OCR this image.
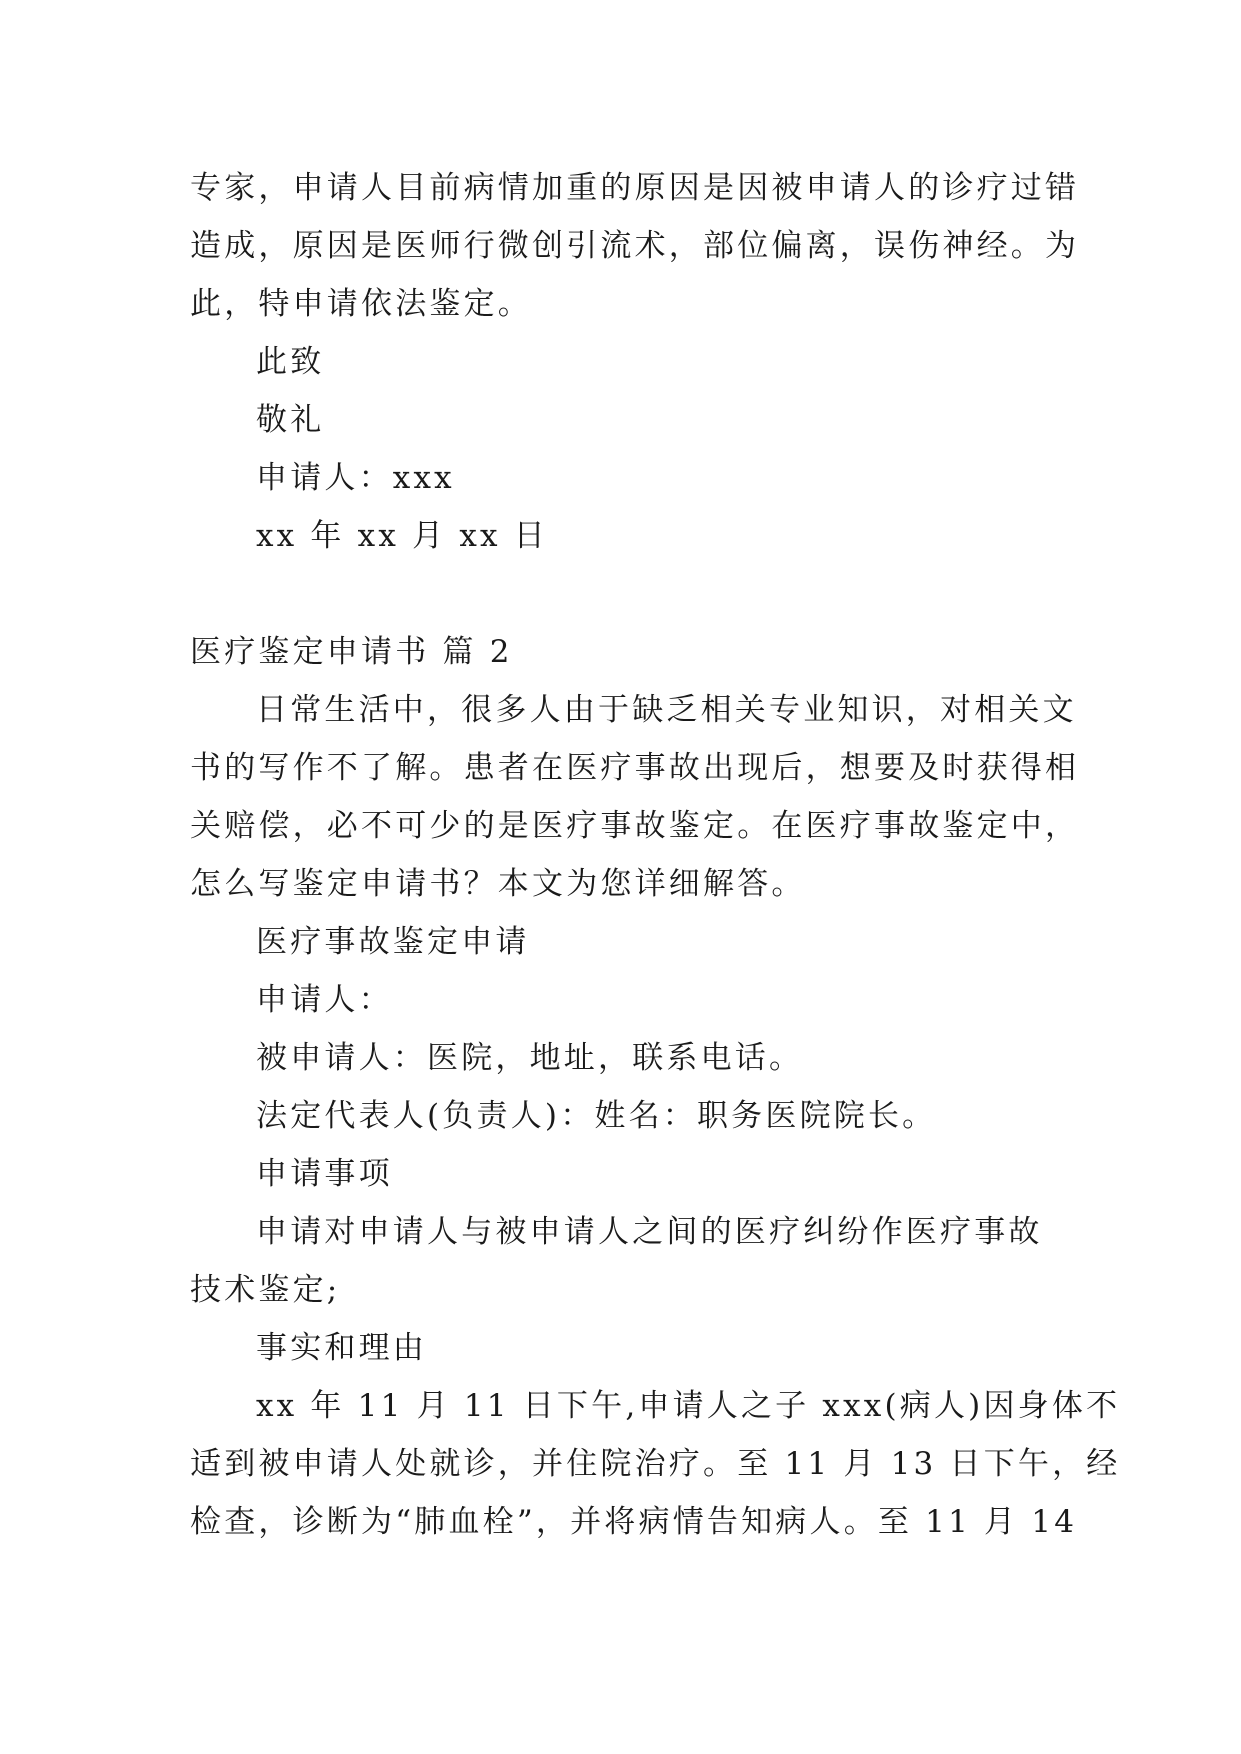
专家，申请人目前病情加重的原因是因被申请人的诊疗过错
造成，原因是医师行微创引流术，部位偏离，误伤神经。为
此，特申请依法鉴定。
此致
敬礼
申请人：xxx
xx 年 xx 月 xx 日
医疗鉴定申请书 篇 2
日常生活中，很多人由于缺乏相关专业知识，对相关文
书的写作不了解。患者在医疗事故出现后，想要及时获得相
关赔偿，必不可少的是医疗事故鉴定。在医疗事故鉴定中，
怎么写鉴定申请书？本文为您详细解答。
医疗事故鉴定申请
申请人：
被申请人：医院，地址，联系电话。
法定代表人(负责人)：姓名：职务医院院长。
申请事项
申请对申请人与被申请人之间的医疗纠纷作医疗事故
技术鉴定;
事实和理由
xx 年 11 月 11 日下午,申请人之子 xxx(病人)因身体不
适到被申请人处就诊，并住院治疗。至 11 月 13 日下午，经
检查，诊断为“肺血栓”，并将病情告知病人。至 11 月 14
